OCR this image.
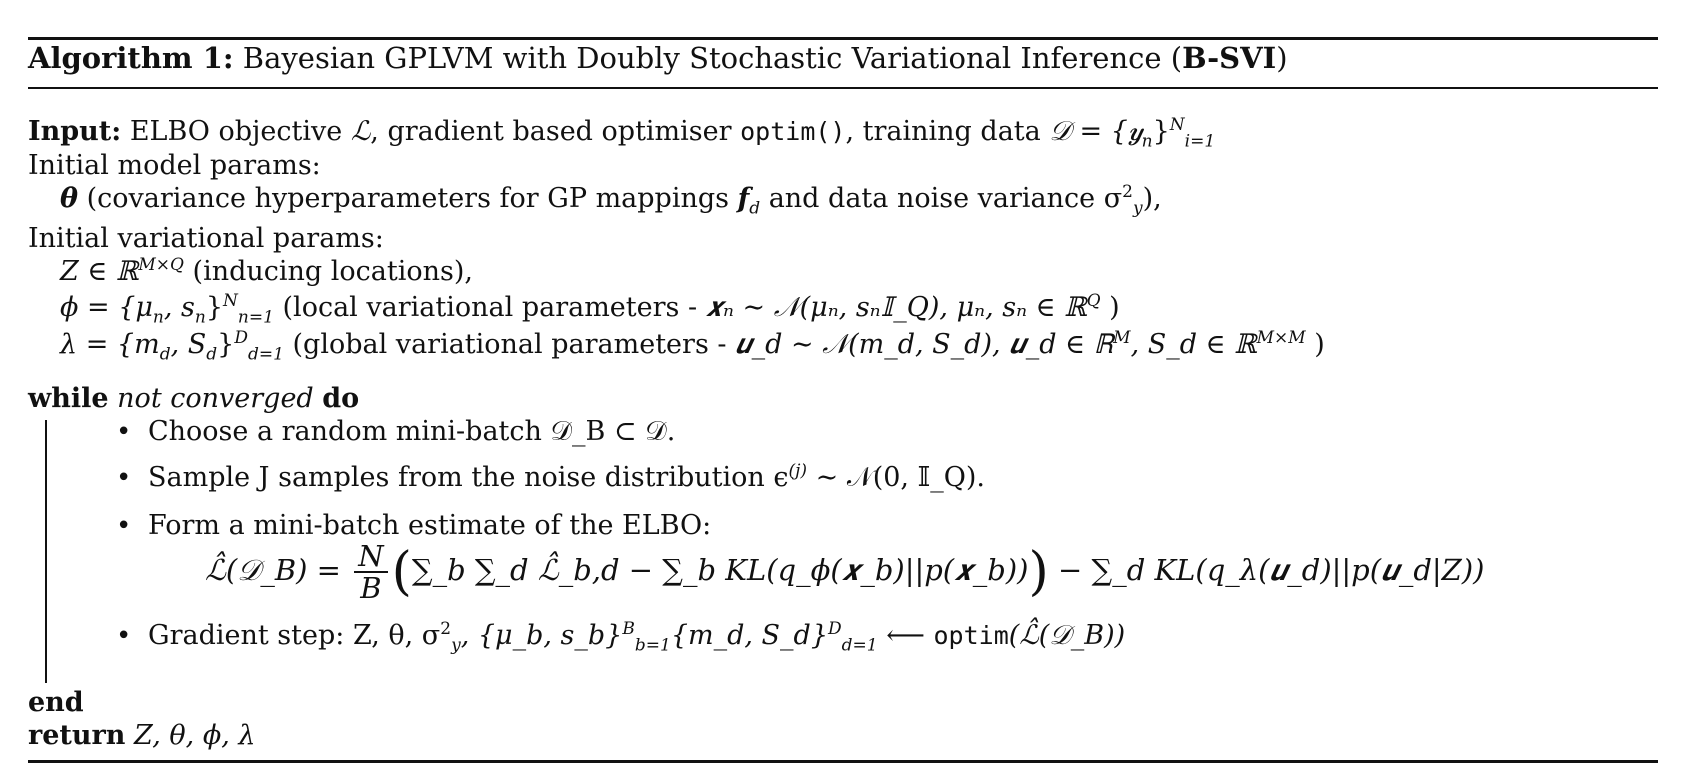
Algorithm 1: Bayesian GPLVM with Doubly Stochastic Variational Inference (B-SVI)
Input: ELBO objective ℒ, gradient based optimiser optim(), training data 𝒟 = {𝒚$_n$}$^N_{i=1}$
Initial model params:
θ (covariance hyperparameters for GP mappings $f_d$ and data noise variance $\sigma^2_y$),
Initial variational params:
Z ∈ ℝ$^{M\times Q}$ (inducing locations),
$\phi = \{\mu_n$, $s_n\}^N_{n=1}$ (local variational parameters - 𝒙ₙ ∼ 𝒩(μₙ, sₙ𝕀_Q), μₙ, sₙ ∈ ℝ$^Q$ )
$\lambda = \{m_d$, $S_d\}^D_{d=1}$ (global variational parameters - 𝒖_d ∼ 𝒩(m_d, S_d), 𝒖_d ∈ ℝ$^M$, S_d ∈ ℝ$^{M\times M}$ )
while not converged do
• Choose a random mini-batch 𝒟_B ⊂ 𝒟.
• Sample J samples from the noise distribution $\epsilon^{(j)}$ ∼ 𝒩(0, 𝕀_Q).
• Form a mini-batch estimate of the ELBO:
ℒ̂(𝒟_B) = $\frac{N}{B}$ (∑_b ∑_d ℒ̂_b,d − ∑_b KL(q_ϕ(𝒙_b)||p(𝒙_b))) − ∑_d KL(q_λ(𝒖_d)||p(𝒖_d|Z))
• Gradient step: Z, θ, $\sigma^2_y$, {μ_b, s_b}$^B_{b=1}${m_d, S_d}$^D_{d=1}$ ⟵ optim(ℒ̂(𝒟_B))
end
return Z, θ, ϕ, λ
